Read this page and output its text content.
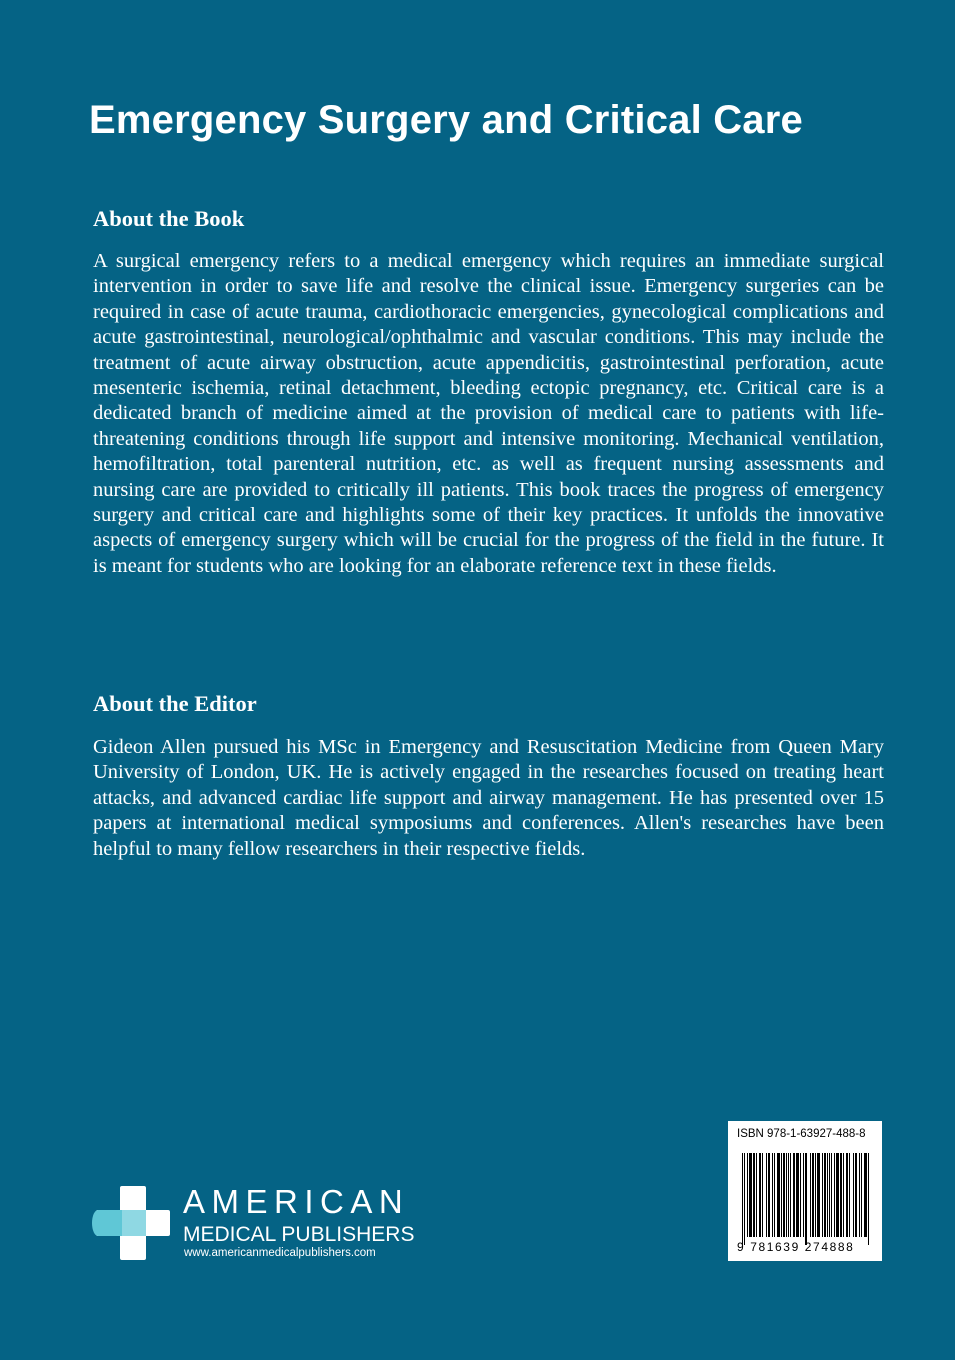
Emergency Surgery and Critical Care
About the Book

A surgical emergency refers to a medical emergency which requires an immediate surgical intervention in order to save life and resolve the clinical issue. Emergency surgeries can be required in case of acute trauma, cardiothoracic emergencies, gynecological complications and acute gastrointestinal, neurological/ophthalmic and vascular conditions. This may include the treatment of acute airway obstruction, acute appendicitis, gastrointestinal perforation, acute mesenteric ischemia, retinal detachment, bleeding ectopic pregnancy, etc. Critical care is a dedicated branch of medicine aimed at the provision of medical care to patients with life-threatening conditions through life support and intensive monitoring. Mechanical ventilation, hemofiltration, total parenteral nutrition, etc. as well as frequent nursing assessments and nursing care are provided to critically ill patients. This book traces the progress of emergency surgery and critical care and highlights some of their key practices. It unfolds the innovative aspects of emergency surgery which will be crucial for the progress of the field in the future. It is meant for students who are looking for an elaborate reference text in these fields.

About the Editor

Gideon Allen pursued his MSc in Emergency and Resuscitation Medicine from Queen Mary University of London, UK. He is actively engaged in the researches focused on treating heart attacks, and advanced cardiac life support and airway management. He has presented over 15 papers at international medical symposiums and conferences. Allen's researches have been helpful to many fellow researchers in their respective fields.

AMERICAN
MEDICAL PUBLISHERS
www.americanmedicalpublishers.com
ISBN 978-1-63927-488-8
9 781639 274888
